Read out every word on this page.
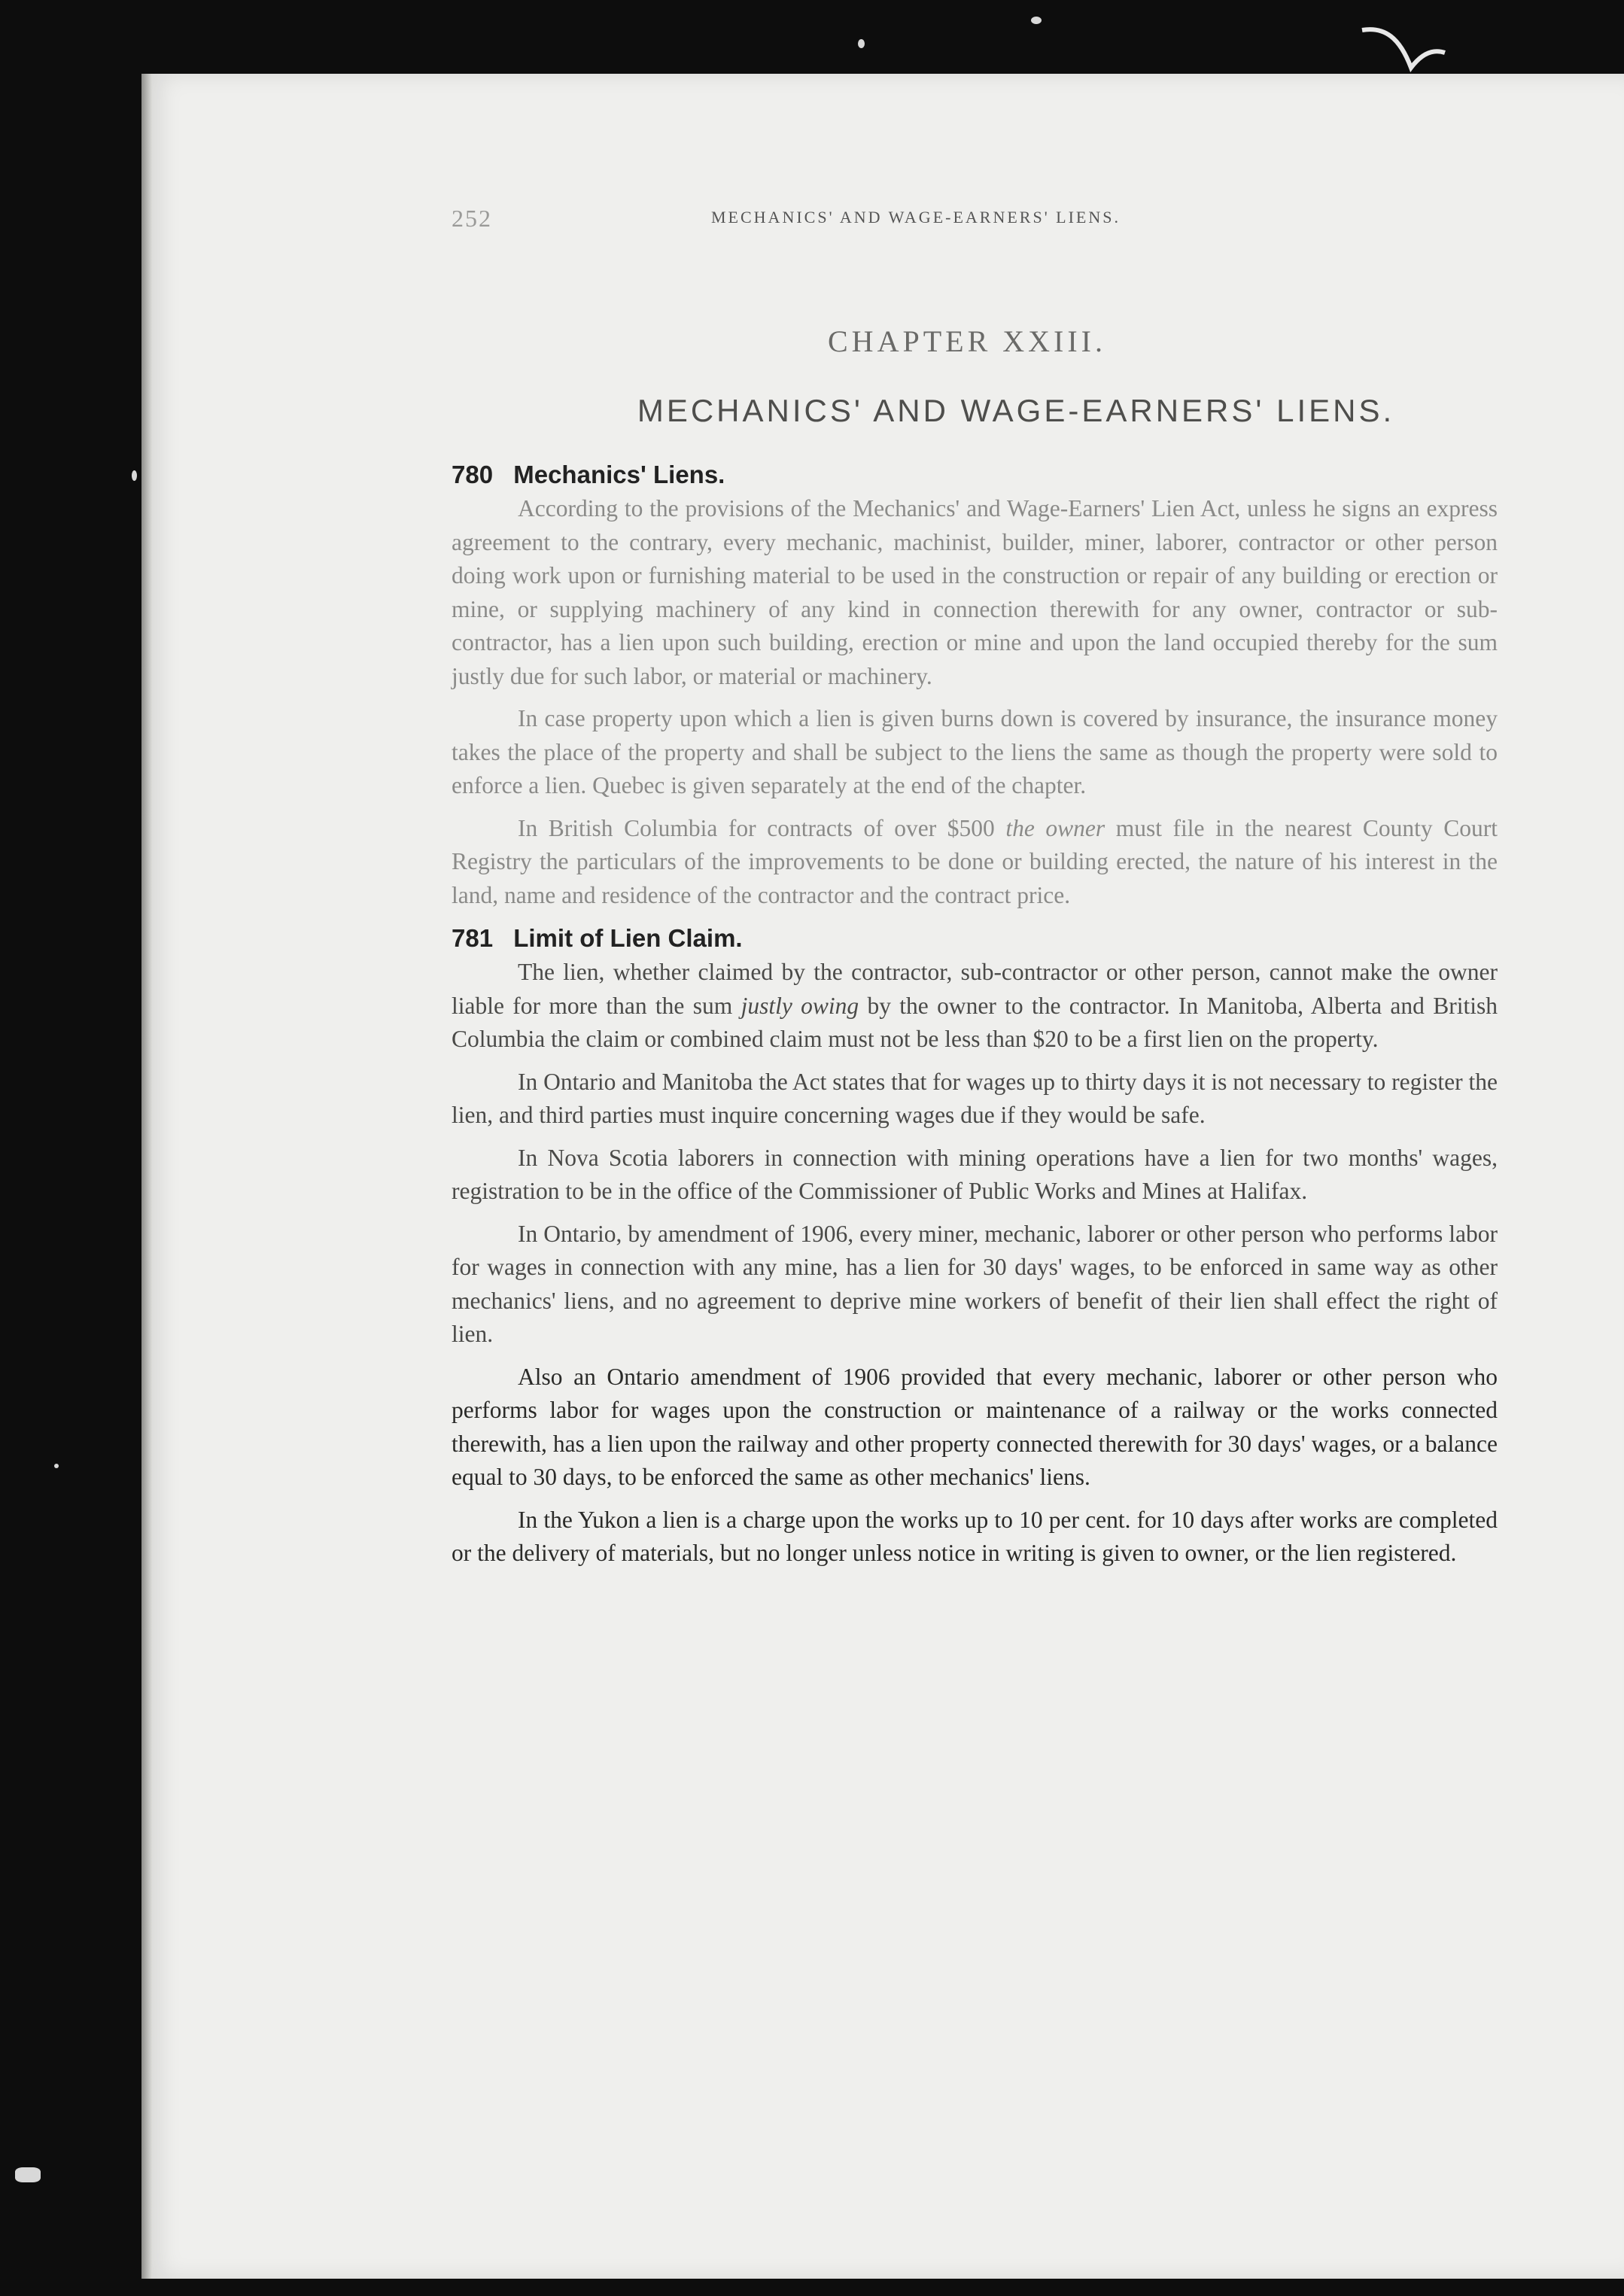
252	MECHANICS' AND WAGE-EARNERS' LIENS.
CHAPTER XXIII.
MECHANICS' AND WAGE-EARNERS' LIENS.
780 Mechanics' Liens.

According to the provisions of the Mechanics' and Wage-Earners' Lien Act, unless he signs an express agreement to the contrary, every mechanic, machinist, builder, miner, laborer, contractor or other person doing work upon or furnishing material to be used in the construction or repair of any building or erection or mine, or supplying machinery of any kind in connection therewith for any owner, contractor or sub-contractor, has a lien upon such building, erection or mine and upon the land occupied thereby for the sum justly due for such labor, or material or machinery.

In case property upon which a lien is given burns down is covered by insurance, the insurance money takes the place of the property and shall be subject to the liens the same as though the property were sold to enforce a lien. Quebec is given separately at the end of the chapter.

In British Columbia for contracts of over $500 the owner must file in the nearest County Court Registry the particulars of the improvements to be done or building erected, the nature of his interest in the land, name and residence of the contractor and the contract price.

781 Limit of Lien Claim.

The lien, whether claimed by the contractor, sub-contractor or other person, cannot make the owner liable for more than the sum justly owing by the owner to the contractor. In Manitoba, Alberta and British Columbia the claim or combined claim must not be less than $20 to be a first lien on the property.

In Ontario and Manitoba the Act states that for wages up to thirty days it is not necessary to register the lien, and third parties must inquire concerning wages due if they would be safe.

In Nova Scotia laborers in connection with mining operations have a lien for two months' wages, registration to be in the office of the Commissioner of Public Works and Mines at Halifax.

In Ontario, by amendment of 1906, every miner, mechanic, laborer or other person who performs labor for wages in connection with any mine, has a lien for 30 days' wages, to be enforced in same way as other mechanics' liens, and no agreement to deprive mine workers of benefit of their lien shall effect the right of lien.

Also an Ontario amendment of 1906 provided that every mechanic, laborer or other person who performs labor for wages upon the construction or maintenance of a railway or the works connected therewith, has a lien upon the railway and other property connected therewith for 30 days' wages, or a balance equal to 30 days, to be enforced the same as other mechanics' liens.

In the Yukon a lien is a charge upon the works up to 10 per cent. for 10 days after works are completed or the delivery of materials, but no longer unless notice in writing is given to owner, or the lien registered.
